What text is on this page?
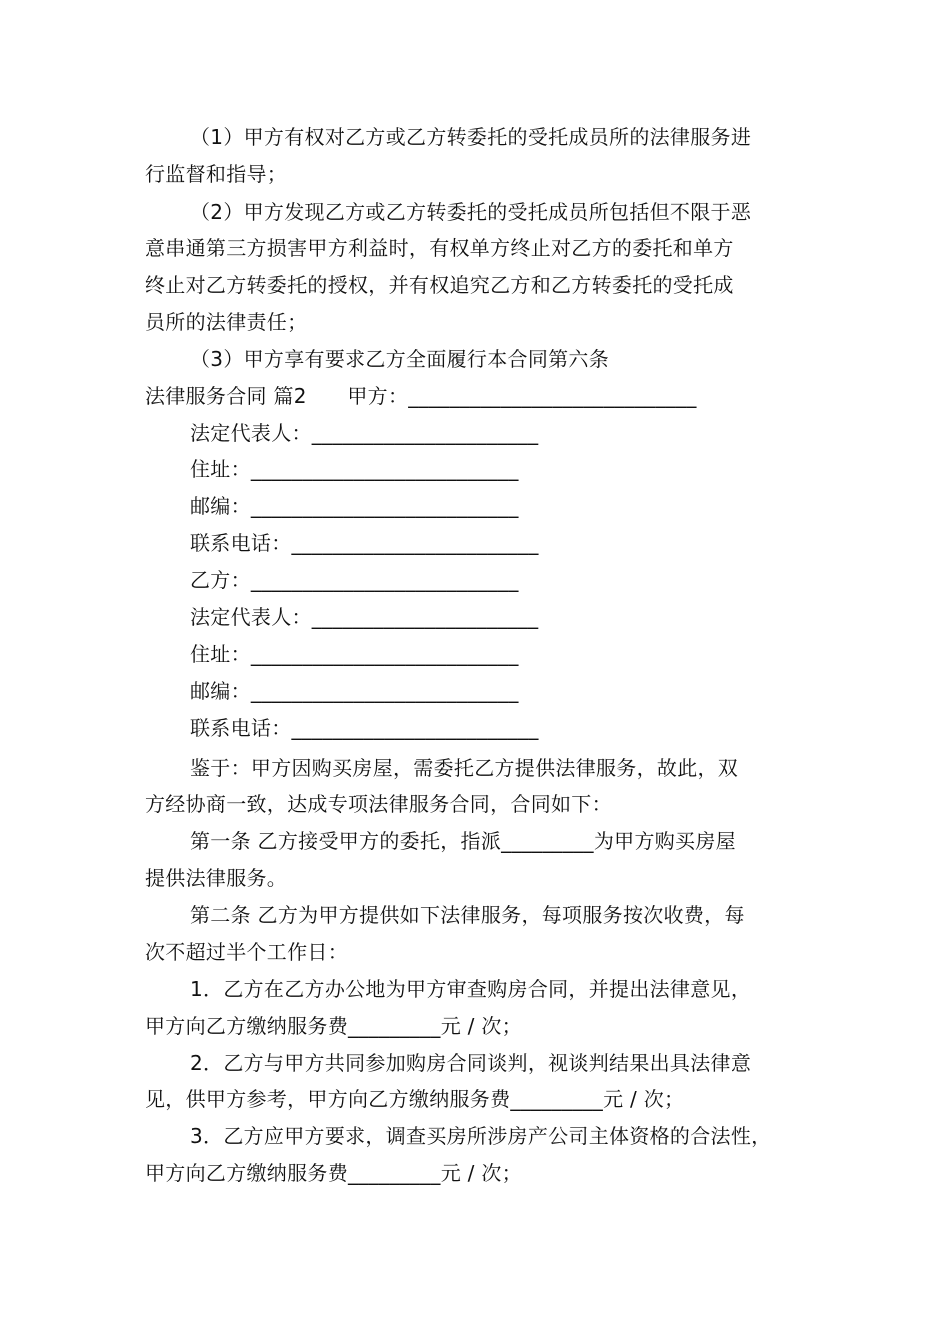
（1）甲方有权对乙方或乙方转委托的受托成员所的法律服务进
行监督和指导；
（2）甲方发现乙方或乙方转委托的受托成员所包括但不限于恶
意串通第三方损害甲方利益时，有权单方终止对乙方的委托和单方
终止对乙方转委托的授权，并有权追究乙方和乙方转委托的受托成
员所的法律责任；
（3）甲方享有要求乙方全面履行本合同第六条
法律服务合同 篇2　　甲方：____________________________
法定代表人：______________________
住址：__________________________
邮编：__________________________
联系电话：________________________
乙方：__________________________
法定代表人：______________________
住址：__________________________
邮编：__________________________
联系电话：________________________
鉴于：甲方因购买房屋，需委托乙方提供法律服务，故此，双
方经协商一致，达成专项法律服务合同，合同如下：
第一条 乙方接受甲方的委托，指派_________为甲方购买房屋
提供法律服务。
第二条 乙方为甲方提供如下法律服务，每项服务按次收费，每
次不超过半个工作日：
1．乙方在乙方办公地为甲方审查购房合同，并提出法律意见，
甲方向乙方缴纳服务费_________元 / 次；
2．乙方与甲方共同参加购房合同谈判，视谈判结果出具法律意
见，供甲方参考，甲方向乙方缴纳服务费_________元 / 次；
3．乙方应甲方要求，调查买房所涉房产公司主体资格的合法性，
甲方向乙方缴纳服务费_________元 / 次；
